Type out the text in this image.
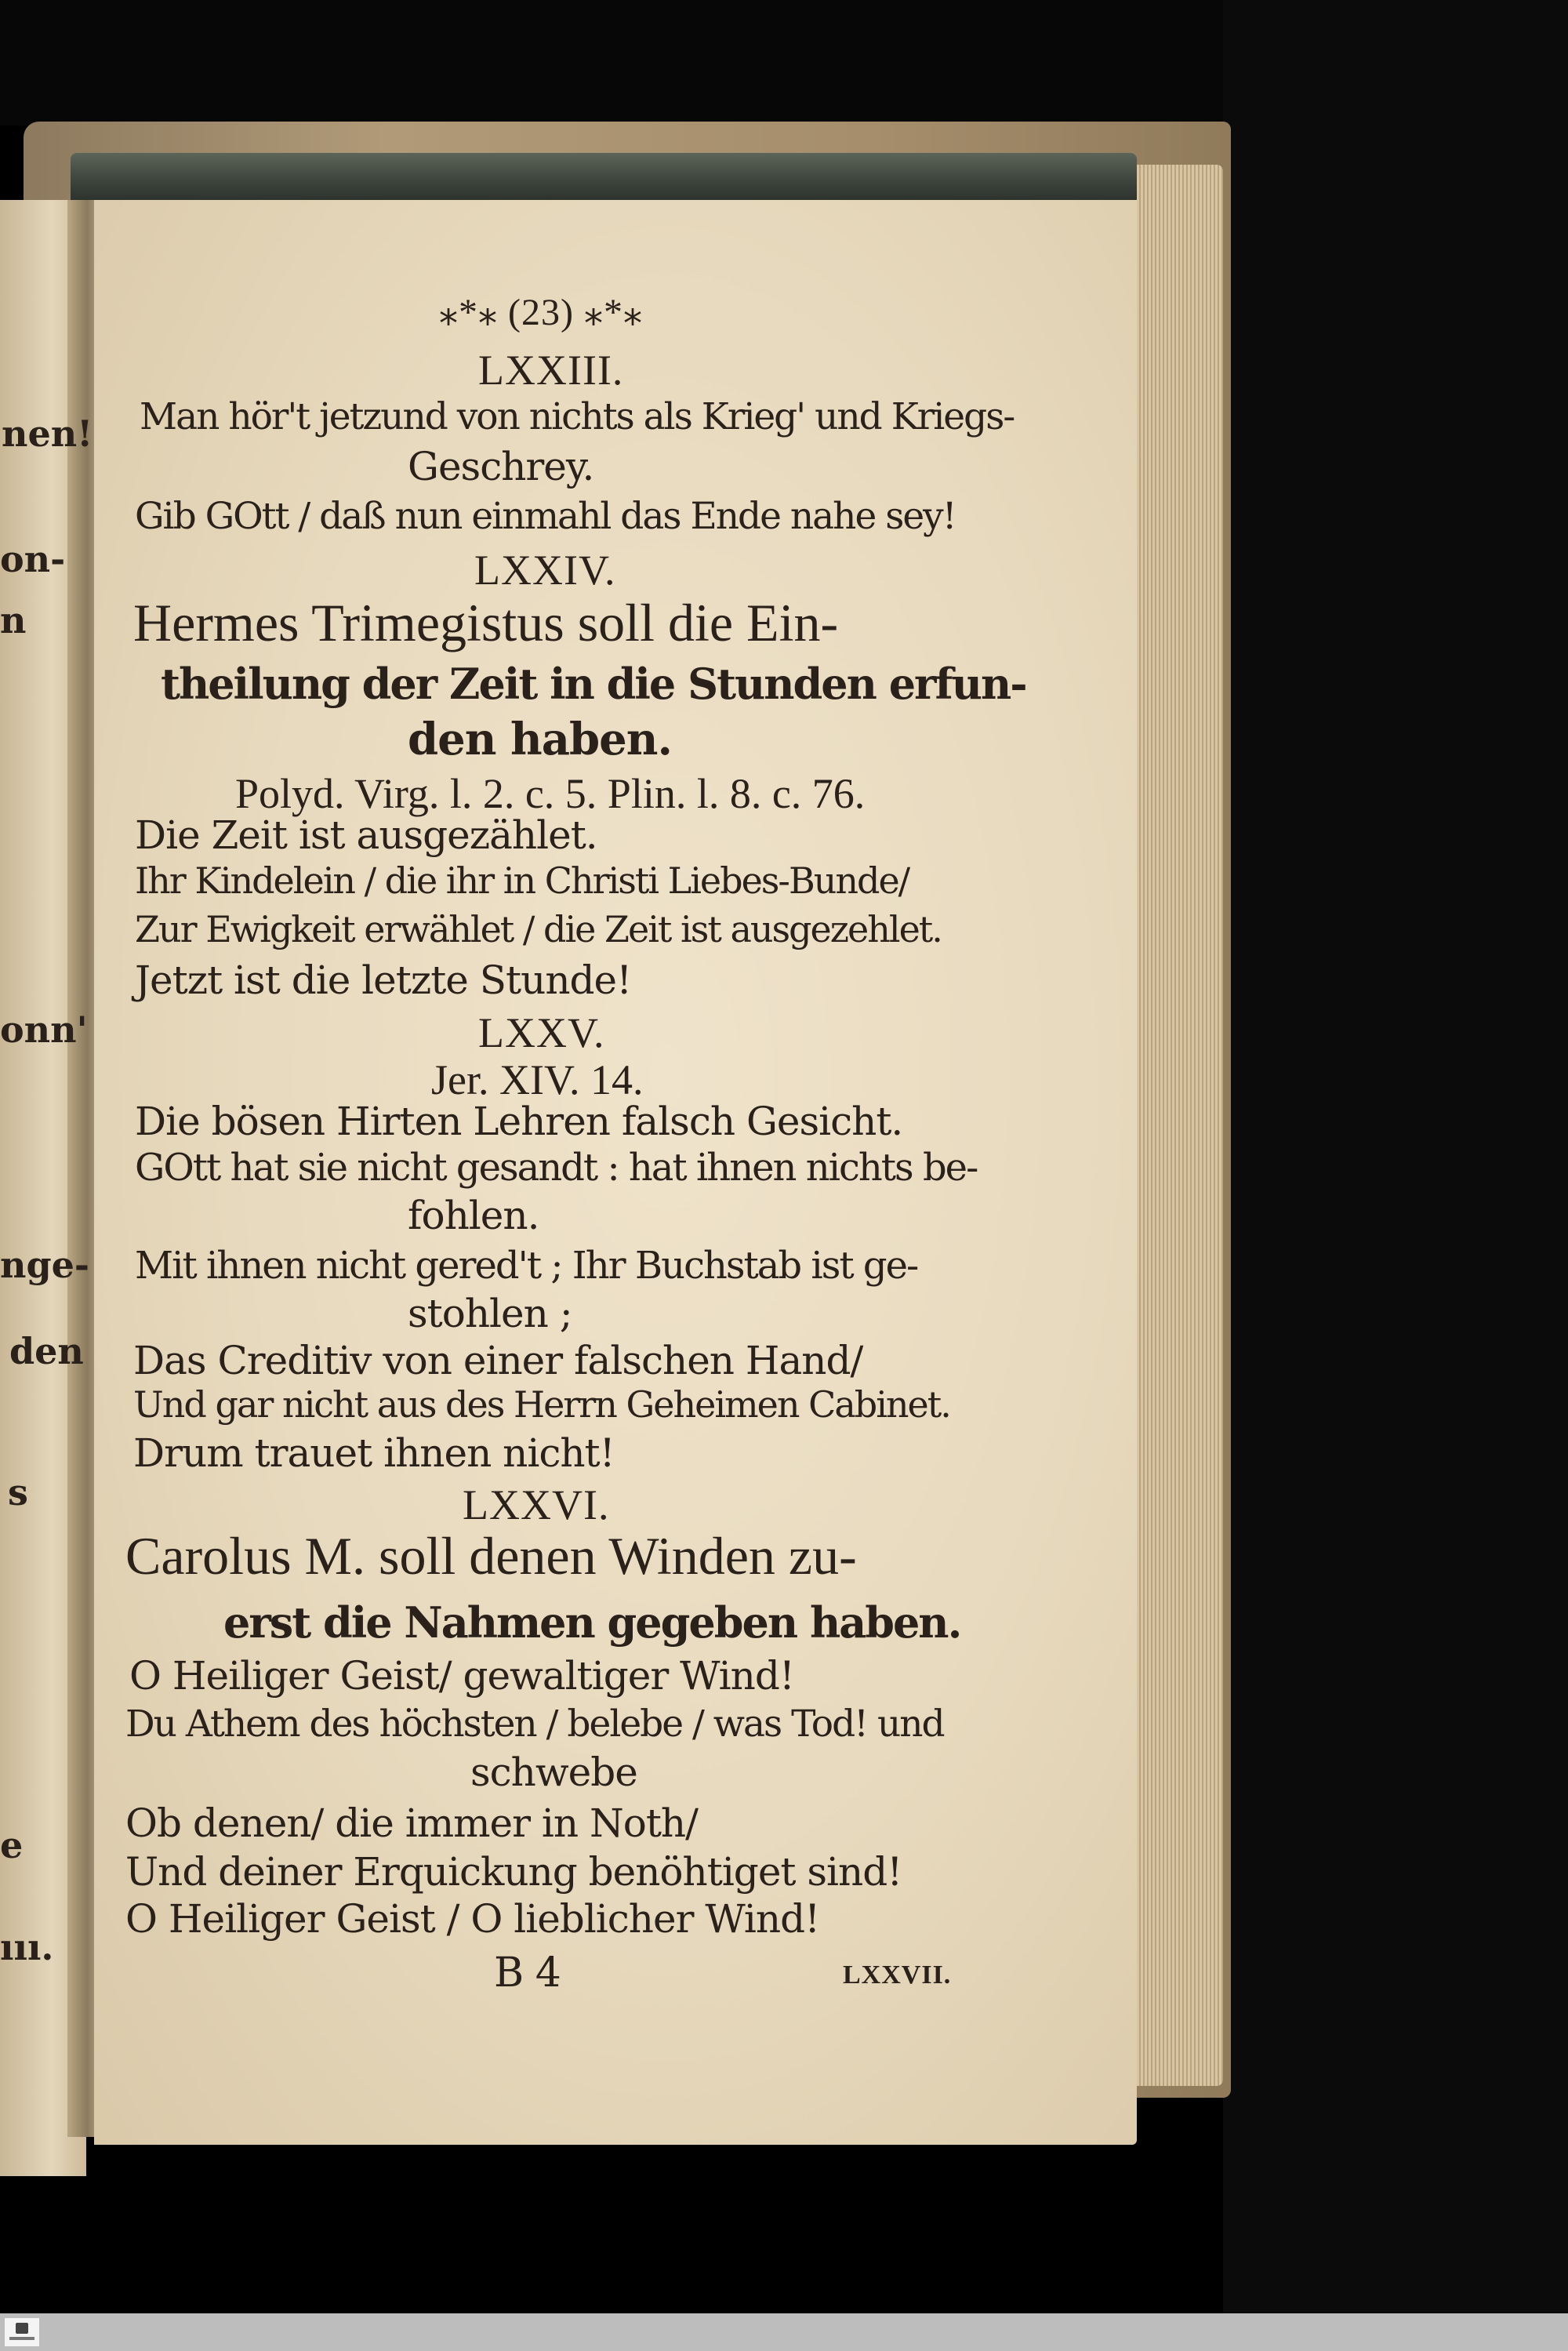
nen!

on-

n

onn'

nge-

den

s

e

ııı.

⁎*⁎ (23) ⁎*⁎

LXXIII.

Man hör't jetzund von nichts als Krieg' und Kriegs-

Geschrey.

Gib GOtt / daß nun einmahl das Ende nahe sey!

LXXIV.

Hermes Trimegistus soll die Ein-

theilung der Zeit in die Stunden erfun-

den haben.

Polyd. Virg. l. 2. c. 5. Plin. l. 8. c. 76.

Die Zeit ist ausgezählet.

Ihr Kindelein / die ihr in Christi Liebes-Bunde/

Zur Ewigkeit erwählet / die Zeit ist ausgezehlet.

Jetzt ist die letzte Stunde!

LXXV.

Jer. XIV. 14.

Die bösen Hirten Lehren falsch Gesicht.

GOtt hat sie nicht gesandt : hat ihnen nichts be-

fohlen.

Mit ihnen nicht gered't ; Ihr Buchstab ist ge-

stohlen ;

Das Creditiv von einer falschen Hand/

Und gar nicht aus des Herrn Geheimen Cabinet.

Drum trauet ihnen nicht!

LXXVI.

Carolus M. soll denen Winden zu-

erst die Nahmen gegeben haben.

O Heiliger Geist/ gewaltiger Wind!

Du Athem des höchsten / belebe / was Tod! und

schwebe

Ob denen/ die immer in Noth/

Und deiner Erquickung benöhtiget sind!

O Heiliger Geist / O lieblicher Wind!

B 4	LXXVII.
